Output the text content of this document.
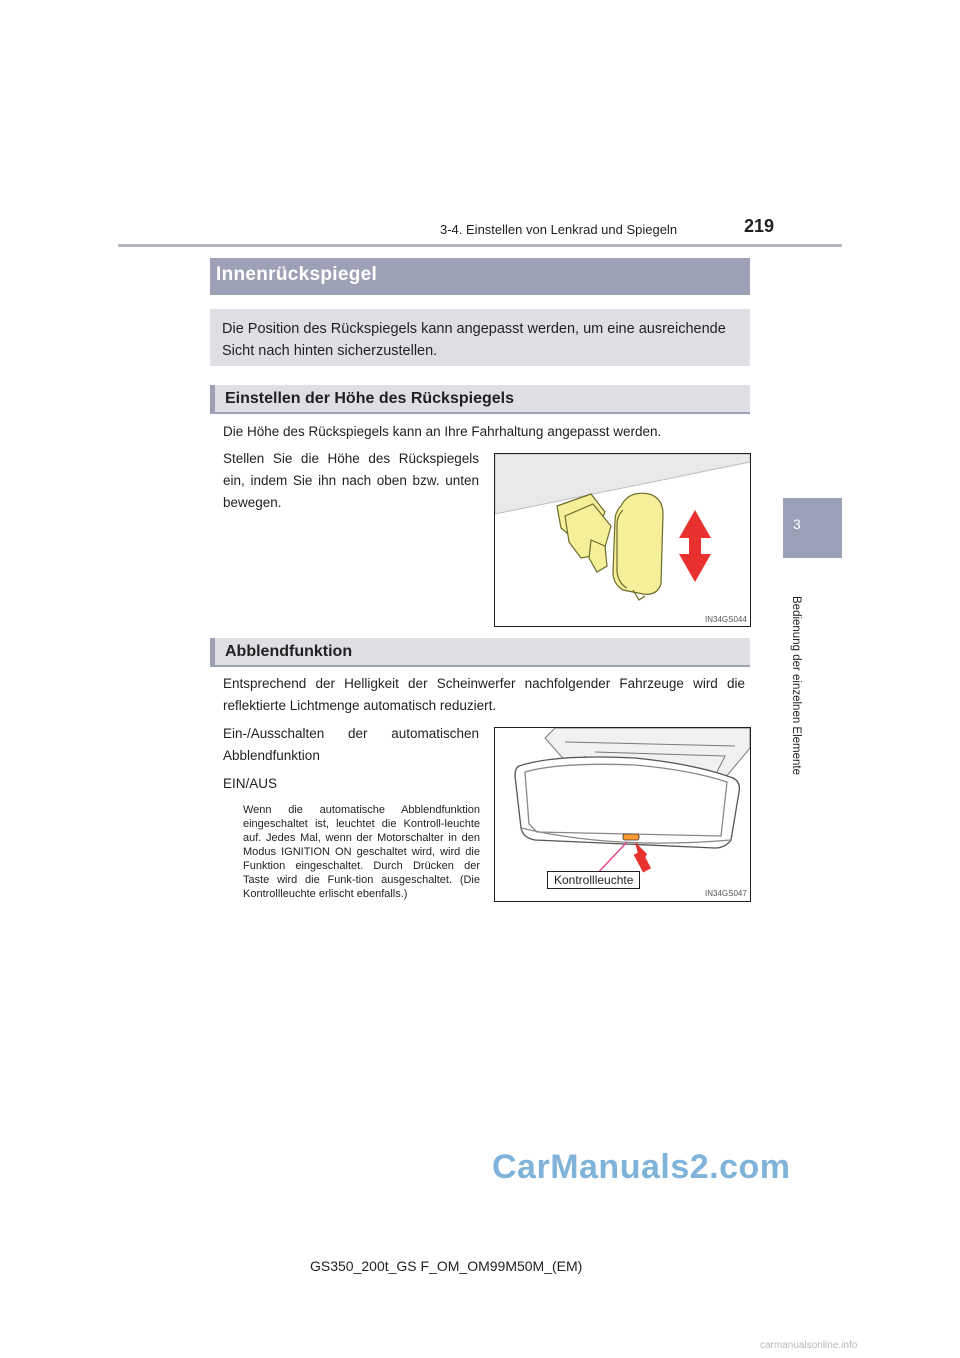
3-4. Einstellen von Lenkrad und Spiegeln	219
3
Bedienung der einzelnen Elemente
Innenrückspiegel
Die Position des Rückspiegels kann angepasst werden, um eine ausreichende Sicht nach hinten sicherzustellen.
Einstellen der Höhe des Rückspiegels
Die Höhe des Rückspiegels kann an Ihre Fahrhaltung angepasst werden.
Stellen Sie die Höhe des Rückspiegels ein, indem Sie ihn nach oben bzw. unten bewegen.
IN34GS044
Abblendfunktion
Entsprechend der Helligkeit der Scheinwerfer nachfolgender Fahrzeuge wird die reflektierte Lichtmenge automatisch reduziert.
Ein-/Ausschalten der automatischen Abblendfunktion
EIN/AUS
Wenn die automatische Abblendfunktion eingeschaltet ist, leuchtet die Kontroll-leuchte auf. Jedes Mal, wenn der Motorschalter in den Modus IGNITION ON geschaltet wird, wird die Funktion eingeschaltet. Durch Drücken der Taste wird die Funk-tion ausgeschaltet. (Die Kontrollleuchte erlischt ebenfalls.)	IN34GS047
Kontrollleuchte
GS350_200t_GS F_OM_OM99M50M_(EM)
CarManuals2.com
carmanualsonline.info
